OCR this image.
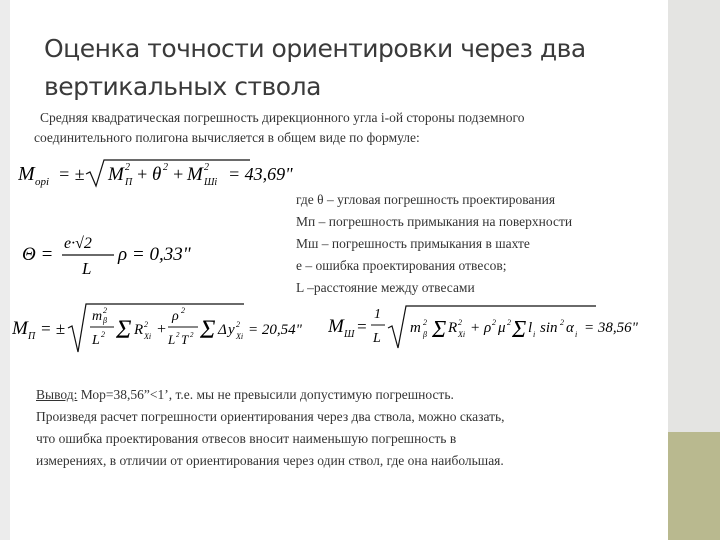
Оценка точности ориентировки через два
вертикальных ствола
Средняя квадратическая погрешность дирекционного угла i-ой стороны подземного
соединительного полигона вычисляется в общем виде по формуле:
M opi = ± M 2
П + θ 2 + M 2
Шi = 43,69"
Θ =
e·√2
L
ρ = 0,33"
где θ – угловая погрешность проектирования
Мп – погрешность примыкания на поверхности
Мш – погрешность примыкания в шахте
е – ошибка проектирования отвесов;
L –расстояние между отвесами
M П = ±
m 2
β
L 2 Σ R 2
Xi +
ρ 2
L 2 T 2 Σ Δ y 2
Xi = 20,54" M Ш =
1
L
m 2
β Σ R 2
Xi + ρ 2 μ 2 Σ l i sin 2 α i = 38,56"
Вывод: Мор=38,56”<1’, т.е. мы не превысили допустимую погрешность.
Произведя расчет погрешности ориентирования через два ствола, можно сказать,
что ошибка проектирования отвесов вносит наименьшую погрешность в
измерениях, в отличии от ориентирования через один ствол, где она наибольшая.
